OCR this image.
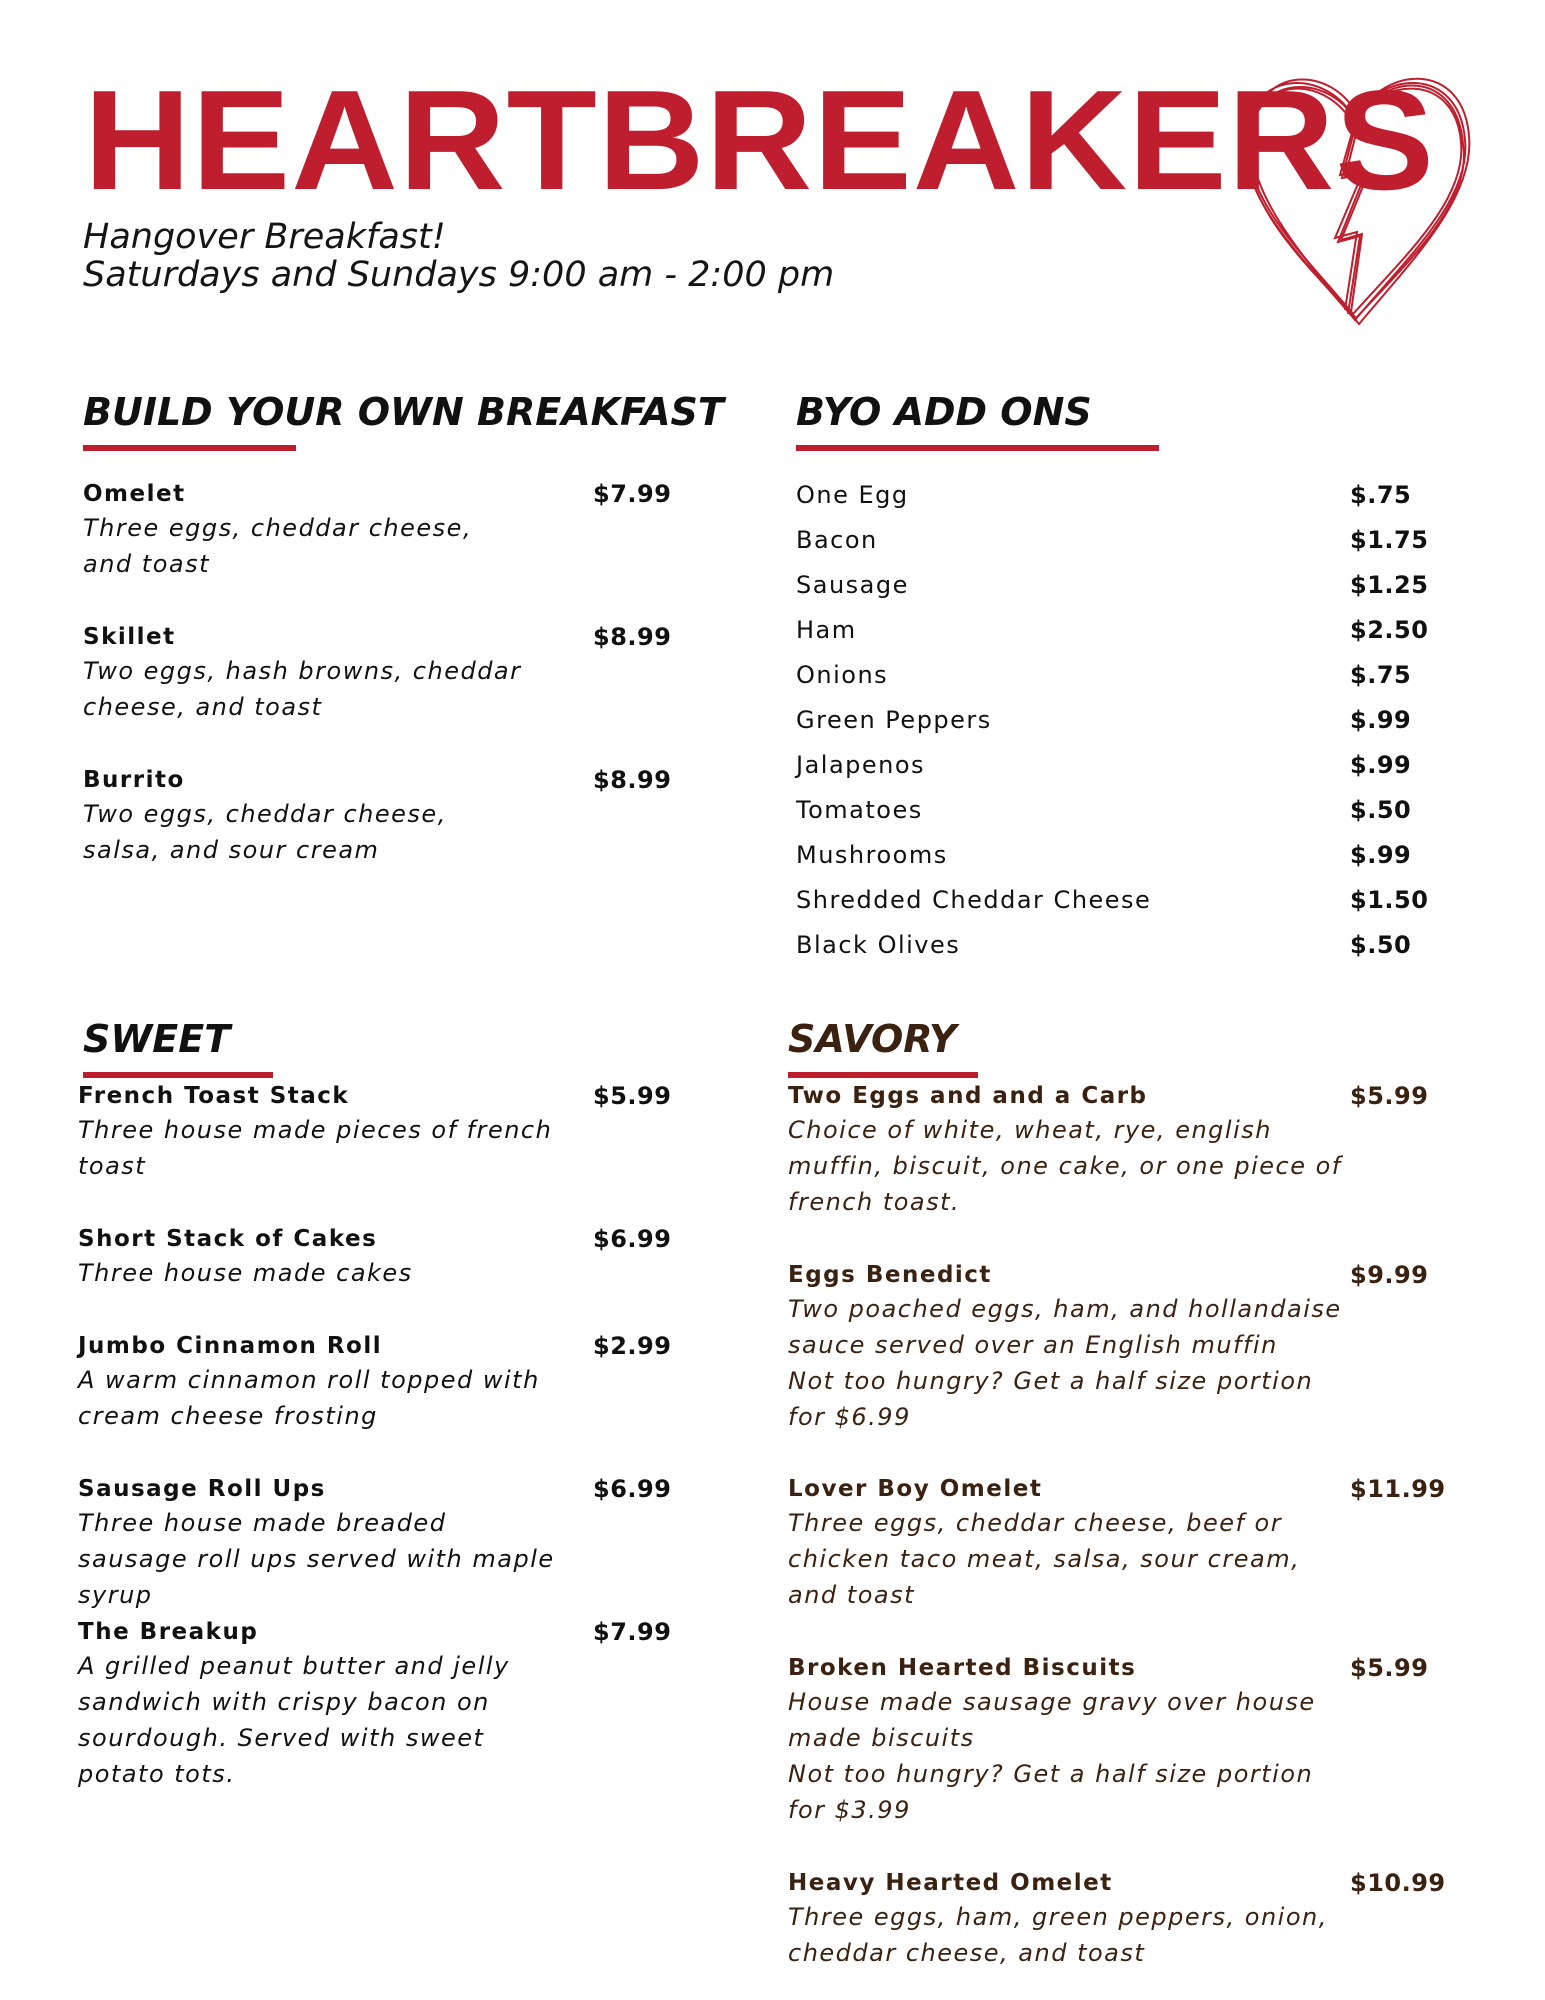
HEARTBREAKERS
Hangover Breakfast!
Saturdays and Sundays 9:00 am - 2:00 pm
BUILD YOUR OWN BREAKFAST
Omelet
Three eggs, cheddar cheese, and toast
$7.99
Skillet
Two eggs, hash browns, cheddar cheese, and toast
$8.99
Burrito
Two eggs, cheddar cheese, salsa, and sour cream
$8.99
BYO ADD ONS
One Egg	$.75
Bacon	$1.75
Sausage	$1.25
Ham	$2.50
Onions	$.75
Green Peppers	$.99
Jalapenos	$.99
Tomatoes	$.50
Mushrooms	$.99
Shredded Cheddar Cheese	$1.50
Black Olives	$.50
SWEET
French Toast Stack
Three house made pieces of french toast
$5.99
Short Stack of Cakes
Three house made cakes
$6.99
Jumbo Cinnamon Roll
A warm cinnamon roll topped with cream cheese frosting
$2.99
Sausage Roll Ups
Three house made breaded sausage roll ups served with maple syrup
$6.99
The Breakup
A grilled peanut butter and jelly sandwich with crispy bacon on sourdough. Served with sweet potato tots.
$7.99
SAVORY
Two Eggs and and a Carb
Choice of white, wheat, rye, english muffin, biscuit, one cake, or one piece of french toast.
$5.99
Eggs Benedict
Two poached eggs, ham, and hollandaise sauce served over an English muffin
Not too hungry? Get a half size portion for $6.99
$9.99
Lover Boy Omelet
Three eggs, cheddar cheese, beef or chicken taco meat, salsa, sour cream, and toast
$11.99
Broken Hearted Biscuits
House made sausage gravy over house made biscuits
Not too hungry? Get a half size portion for $3.99
$5.99
Heavy Hearted Omelet
Three eggs, ham, green peppers, onion, cheddar cheese, and toast
$10.99
